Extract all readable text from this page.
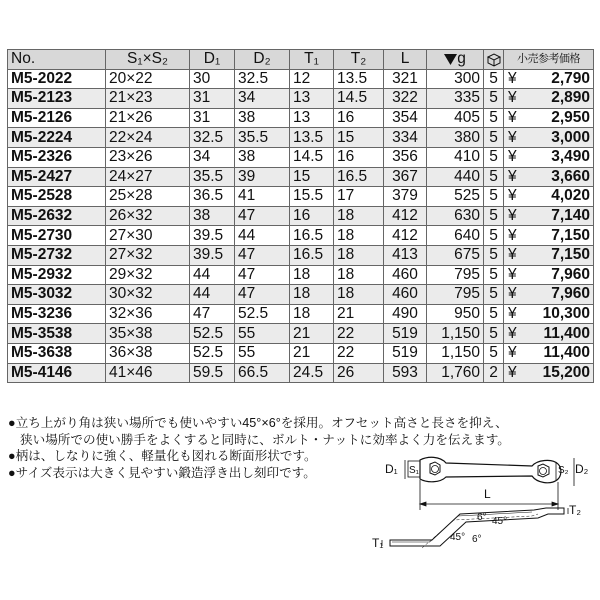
No.	S₁×S₂	D₁	D₂	T₁	T₂	L	g		小売参考価格
M5-2022	20×22	30	32.5	12	13.5	321	300	5	¥ 2,790
M5-2123	21×23	31	34	13	14.5	322	335	5	¥ 2,890
M5-2126	21×26	31	38	13	16	354	405	5	¥ 2,950
M5-2224	22×24	32.5	35.5	13.5	15	334	380	5	¥ 3,000
M5-2326	23×26	34	38	14.5	16	356	410	5	¥ 3,490
M5-2427	24×27	35.5	39	15	16.5	367	440	5	¥ 3,660
M5-2528	25×28	36.5	41	15.5	17	379	525	5	¥ 4,020
M5-2632	26×32	38	47	16	18	412	630	5	¥ 7,140
M5-2730	27×30	39.5	44	16.5	18	412	640	5	¥ 7,150
M5-2732	27×32	39.5	47	16.5	18	413	675	5	¥ 7,150
M5-2932	29×32	44	47	18	18	460	795	5	¥ 7,960
M5-3032	30×32	44	47	18	18	460	795	5	¥ 7,960
M5-3236	32×36	47	52.5	18	21	490	950	5	¥ 10,300
M5-3538	35×38	52.5	55	21	22	519	1,150	5	¥ 11,400
M5-3638	36×38	52.5	55	21	22	519	1,150	5	¥ 11,400
M5-4146	41×46	59.5	66.5	24.5	26	593	1,760	2	¥ 15,200
●立ち上がり角は狭い場所でも使いやすい45°×6°を採用。オフセット高さと長さを抑え、
狭い場所での使い勝手をよくすると同時に、ボルト・ナットに効率よく力を伝えます。
●柄は、しなりに強く、軽量化も図れる断面形状です。
●サイズ表示は大きく見やすい鍛造浮き出し刻印です。	D₁ S₁	S₂ D₂
L
T₂
T₁
6° 45°
45° 6°
